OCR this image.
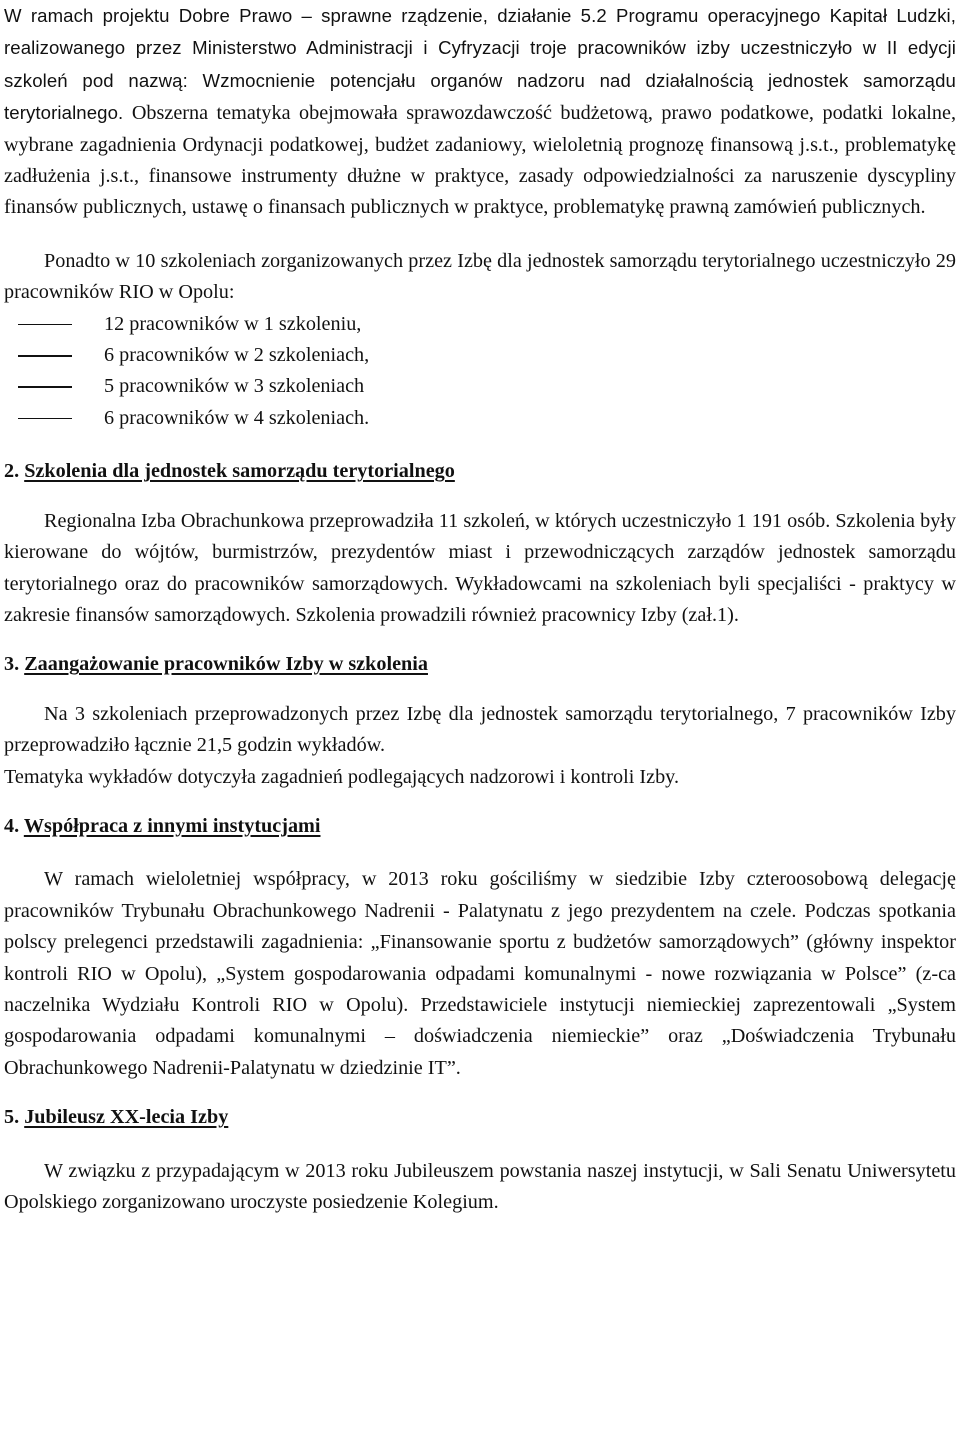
W ramach projektu Dobre Prawo – sprawne rządzenie, działanie 5.2 Programu operacyjnego Kapitał Ludzki, realizowanego przez Ministerstwo Administracji i Cyfryzacji troje pracowników izby uczestniczyło w II edycji szkoleń pod nazwą: Wzmocnienie potencjału organów nadzoru nad działalnością jednostek samorządu terytorialnego. Obszerna tematyka obejmowała sprawozdawczość budżetową, prawo podatkowe, podatki lokalne, wybrane zagadnienia Ordynacji podatkowej, budżet zadaniowy, wieloletnią prognozę finansową j.s.t., problematykę zadłużenia j.s.t., finansowe instrumenty dłużne w praktyce, zasady odpowiedzialności za naruszenie dyscypliny finansów publicznych, ustawę o finansach publicznych w praktyce, problematykę prawną zamówień publicznych.

Ponadto w 10 szkoleniach zorganizowanych przez Izbę dla jednostek samorządu terytorialnego uczestniczyło 29 pracowników RIO w Opolu:

12 pracowników w 1 szkoleniu,
6 pracowników w 2 szkoleniach,
5 pracowników w 3 szkoleniach
6 pracowników w 4 szkoleniach.
2. Szkolenia dla jednostek samorządu terytorialnego

Regionalna Izba Obrachunkowa przeprowadziła 11 szkoleń, w których uczestniczyło 1 191 osób. Szkolenia były kierowane do wójtów, burmistrzów, prezydentów miast i przewodniczących zarządów jednostek samorządu terytorialnego oraz do pracowników samorządowych. Wykładowcami na szkoleniach byli specjaliści - praktycy w zakresie finansów samorządowych. Szkolenia prowadzili również pracownicy Izby (zał.1).

3. Zaangażowanie pracowników Izby w szkolenia

Na 3 szkoleniach przeprowadzonych przez Izbę dla jednostek samorządu terytorialnego, 7 pracowników Izby przeprowadziło łącznie 21,5 godzin wykładów.

Tematyka wykładów dotyczyła zagadnień podlegających nadzorowi i kontroli Izby.

4. Współpraca z innymi instytucjami

W ramach wieloletniej współpracy, w 2013 roku gościliśmy w siedzibie Izby czteroosobową delegację pracowników Trybunału Obrachunkowego Nadrenii - Palatynatu z jego prezydentem na czele. Podczas spotkania polscy prelegenci przedstawili zagadnienia: „Finansowanie sportu z budżetów samorządowych” (główny inspektor kontroli RIO w Opolu), „System gospodarowania odpadami komunalnymi - nowe rozwiązania w Polsce” (z-ca naczelnika Wydziału Kontroli RIO w Opolu). Przedstawiciele instytucji niemieckiej zaprezentowali „System gospodarowania odpadami komunalnymi – doświadczenia niemieckie” oraz „Doświadczenia Trybunału Obrachunkowego Nadrenii-Palatynatu w dziedzinie IT”.

5. Jubileusz XX-lecia Izby

W związku z przypadającym w 2013 roku Jubileuszem powstania naszej instytucji, w Sali Senatu Uniwersytetu Opolskiego zorganizowano uroczyste posiedzenie Kolegium.
